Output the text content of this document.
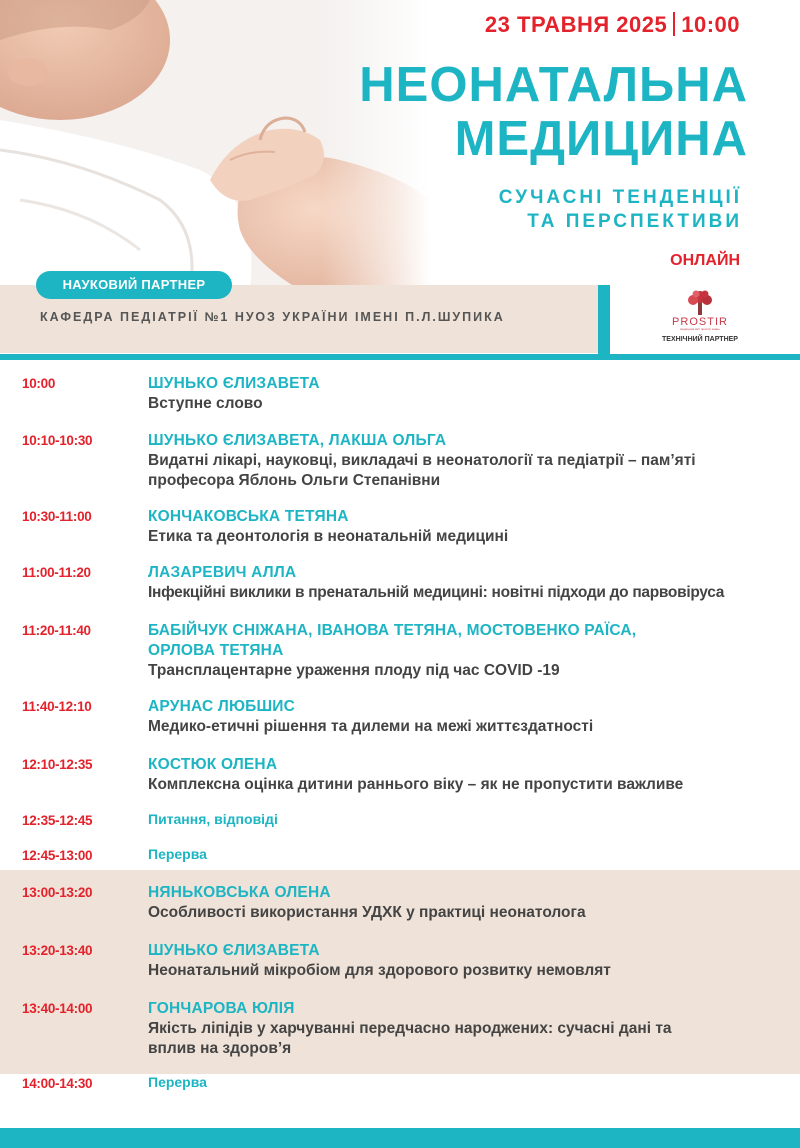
23 ТРАВНЯ 2025 10:00
НЕОНАТАЛЬНА
МЕДИЦИНА
СУЧАСНІ ТЕНДЕНЦІЇ
ТА ПЕРСПЕКТИВИ
ОНЛАЙН
НАУКОВИЙ ПАРТНЕР
КАФЕДРА ПЕДІАТРІЇ №1 НУОЗ УКРАЇНИ ІМЕНІ П.Л.ШУПИКА	PROSTIR
медицина світ простір знань
ТЕХНІЧНИЙ ПАРТНЕР
10:00	ШУНЬКО ЄЛИЗАВЕТА
Вступне слово
10:10-10:30	ШУНЬКО ЄЛИЗАВЕТА, ЛАКША ОЛЬГА
Видатні лікарі, науковці, викладачі в неонатології та педіатрії – пам’яті
професора Яблонь Ольги Степанівни
10:30-11:00	КОНЧАКОВСЬКА ТЕТЯНА
Етика та деонтологія в неонатальній медицині
11:00-11:20	ЛАЗАРЕВИЧ АЛЛА
Інфекційні виклики в пренатальній медицині: новітні підходи до парвовіруса
11:20-11:40	БАБІЙЧУК СНІЖАНА, ІВАНОВА ТЕТЯНА, МОСТОВЕНКО РАЇСА,
ОРЛОВА ТЕТЯНА
Трансплацентарне ураження плоду під час COVID -19
11:40-12:10	АРУНАС ЛЮБШИС
Медико-етичні рішення та дилеми на межі життєздатності
12:10-12:35	КОСТЮК ОЛЕНА
Комплексна оцінка дитини раннього віку – як не пропустити важливе
12:35-12:45	Питання, відповіді
12:45-13:00	Перерва
13:00-13:20	НЯНЬКОВСЬКА ОЛЕНА
Особливості використання УДХК у практиці неонатолога
13:20-13:40	ШУНЬКО ЄЛИЗАВЕТА
Неонатальний мікробіом для здорового розвитку немовлят
13:40-14:00	ГОНЧАРОВА ЮЛІЯ
Якість ліпідів у харчуванні передчасно народжених: сучасні дані та
вплив на здоров’я
14:00-14:30	Перерва
